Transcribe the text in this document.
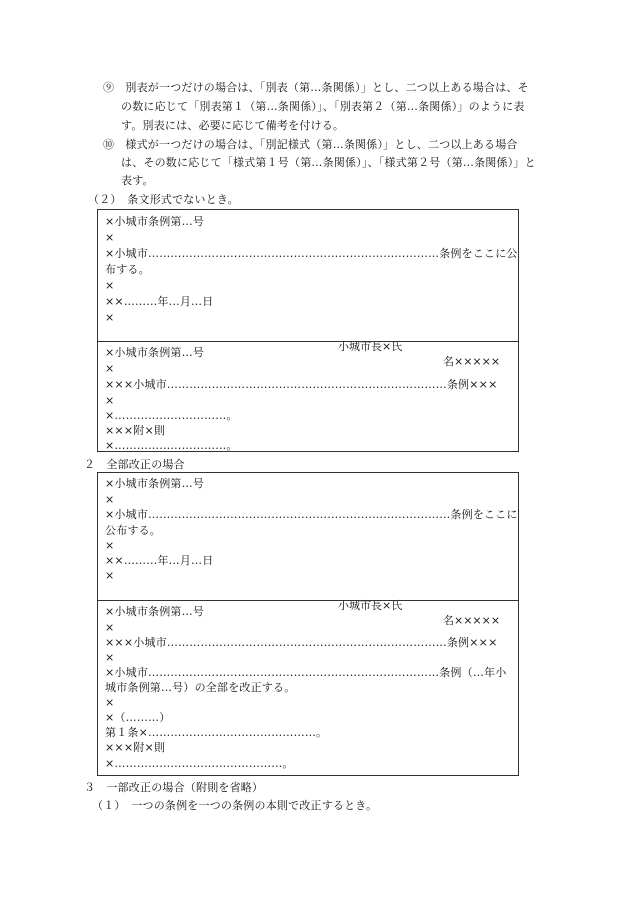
⑨　別表が一つだけの場合は、「別表（第…条関係）」とし、二つ以上ある場合は、そ
の数に応じて「別表第１（第…条関係）」、「別表第２（第…条関係）」のように表
す。別表には、必要に応じて備考を付ける。
⑩　様式が一つだけの場合は、「別記様式（第…条関係）」とし、二つ以上ある場合
は、その数に応じて「様式第１号（第…条関係）」、「様式第２号（第…条関係）」と
表す。
（２）　条文形式でないとき。
×小城市条例第…号
×
×小城市……………………………………………………………………条例をここに公
布する。
×
××………年…月…日
×

小城市長×氏

名×××××

×小城市条例第…号
×
×××小城市…………………………………………………………………条例×××
×
×…………………………。
×××附×則
×…………………………。
２　全部改正の場合
×小城市条例第…号
×
×小城市………………………………………………………………………条例をここに
公布する。
×
××………年…月…日
×

小城市長×氏

名×××××

×小城市条例第…号
×
×××小城市…………………………………………………………………条例×××
×
×小城市……………………………………………………………………条例（…年小
城市条例第…号）の全部を改正する。
×
×（………）
第１条×………………………………………。
×××附×則
×………………………………………。
３　一部改正の場合（附則を省略）
（１）　一つの条例を一つの条例の本則で改正するとき。
